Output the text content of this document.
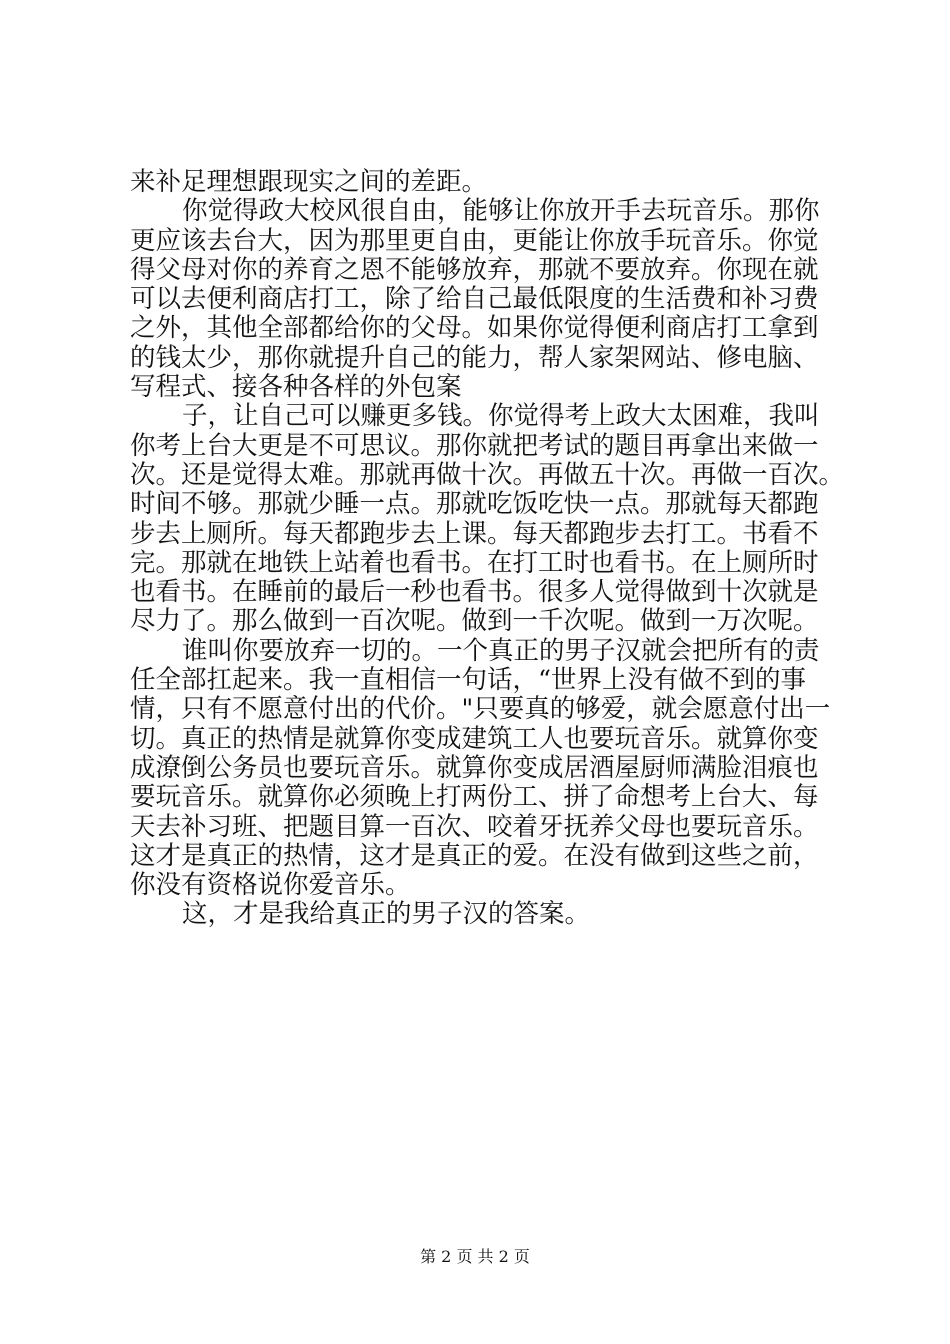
来补足理想跟现实之间的差距。
你觉得政大校风很自由，能够让你放开手去玩音乐。那你
更应该去台大，因为那里更自由，更能让你放手玩音乐。你觉
得父母对你的养育之恩不能够放弃，那就不要放弃。你现在就
可以去便利商店打工，除了给自己最低限度的生活费和补习费
之外，其他全部都给你的父母。如果你觉得便利商店打工拿到
的钱太少，那你就提升自己的能力，帮人家架网站、修电脑、
写程式、接各种各样的外包案
子，让自己可以赚更多钱。你觉得考上政大太困难，我叫
你考上台大更是不可思议。那你就把考试的题目再拿出来做一
次。还是觉得太难。那就再做十次。再做五十次。再做一百次。
时间不够。那就少睡一点。那就吃饭吃快一点。那就每天都跑
步去上厕所。每天都跑步去上课。每天都跑步去打工。书看不
完。那就在地铁上站着也看书。在打工时也看书。在上厕所时
也看书。在睡前的最后一秒也看书。很多人觉得做到十次就是
尽力了。那么做到一百次呢。做到一千次呢。做到一万次呢。
谁叫你要放弃一切的。一个真正的男子汉就会把所有的责
任全部扛起来。我一直相信一句话，“世界上没有做不到的事
情，只有不愿意付出的代价。"只要真的够爱，就会愿意付出一
切。真正的热情是就算你变成建筑工人也要玩音乐。就算你变
成潦倒公务员也要玩音乐。就算你变成居酒屋厨师满脸泪痕也
要玩音乐。就算你必须晚上打两份工、拼了命想考上台大、每
天去补习班、把题目算一百次、咬着牙抚养父母也要玩音乐。
这才是真正的热情，这才是真正的爱。在没有做到这些之前，
你没有资格说你爱音乐。
这，才是我给真正的男子汉的答案。
第 2 页 共 2 页
